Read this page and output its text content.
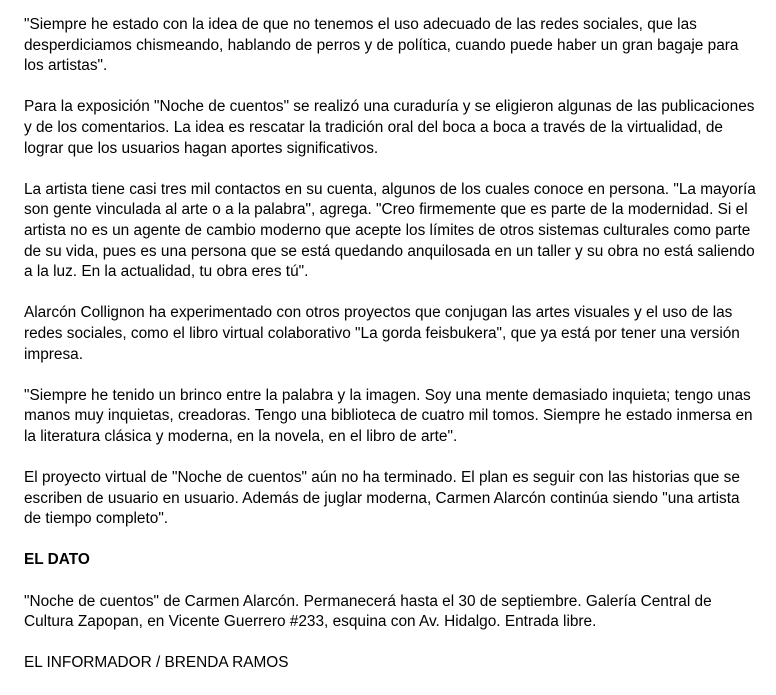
"Siempre he estado con la idea de que no tenemos el uso adecuado de las redes sociales, que las desperdiciamos chismeando, hablando de perros y de política, cuando puede haber un gran bagaje para los artistas".

Para la exposición "Noche de cuentos" se realizó una curaduría y se eligieron algunas de las publicaciones y de los comentarios. La idea es rescatar la tradición oral del boca a boca a través de la virtualidad, de lograr que los usuarios hagan aportes significativos.

La artista tiene casi tres mil contactos en su cuenta, algunos de los cuales conoce en persona. "La mayoría son gente vinculada al arte o a la palabra", agrega. "Creo firmemente que es parte de la modernidad. Si el artista no es un agente de cambio moderno que acepte los límites de otros sistemas culturales como parte de su vida, pues es una persona que se está quedando anquilosada en un taller y su obra no está saliendo a la luz. En la actualidad, tu obra eres tú".

Alarcón Collignon ha experimentado con otros proyectos que conjugan las artes visuales y el uso de las redes sociales, como el libro virtual colaborativo "La gorda feisbukera", que ya está por tener una versión impresa.

"Siempre he tenido un brinco entre la palabra y la imagen. Soy una mente demasiado inquieta; tengo unas manos muy inquietas, creadoras. Tengo una biblioteca de cuatro mil tomos. Siempre he estado inmersa en la literatura clásica y moderna, en la novela, en el libro de arte".

El proyecto virtual de "Noche de cuentos" aún no ha terminado. El plan es seguir con las historias que se escriben de usuario en usuario. Además de juglar moderna, Carmen Alarcón continúa siendo "una artista de tiempo completo".

EL DATO

"Noche de cuentos" de Carmen Alarcón. Permanecerá hasta el 30 de septiembre. Galería Central de Cultura Zapopan, en Vicente Guerrero #233, esquina con Av. Hidalgo. Entrada libre.

EL INFORMADOR / BRENDA RAMOS
